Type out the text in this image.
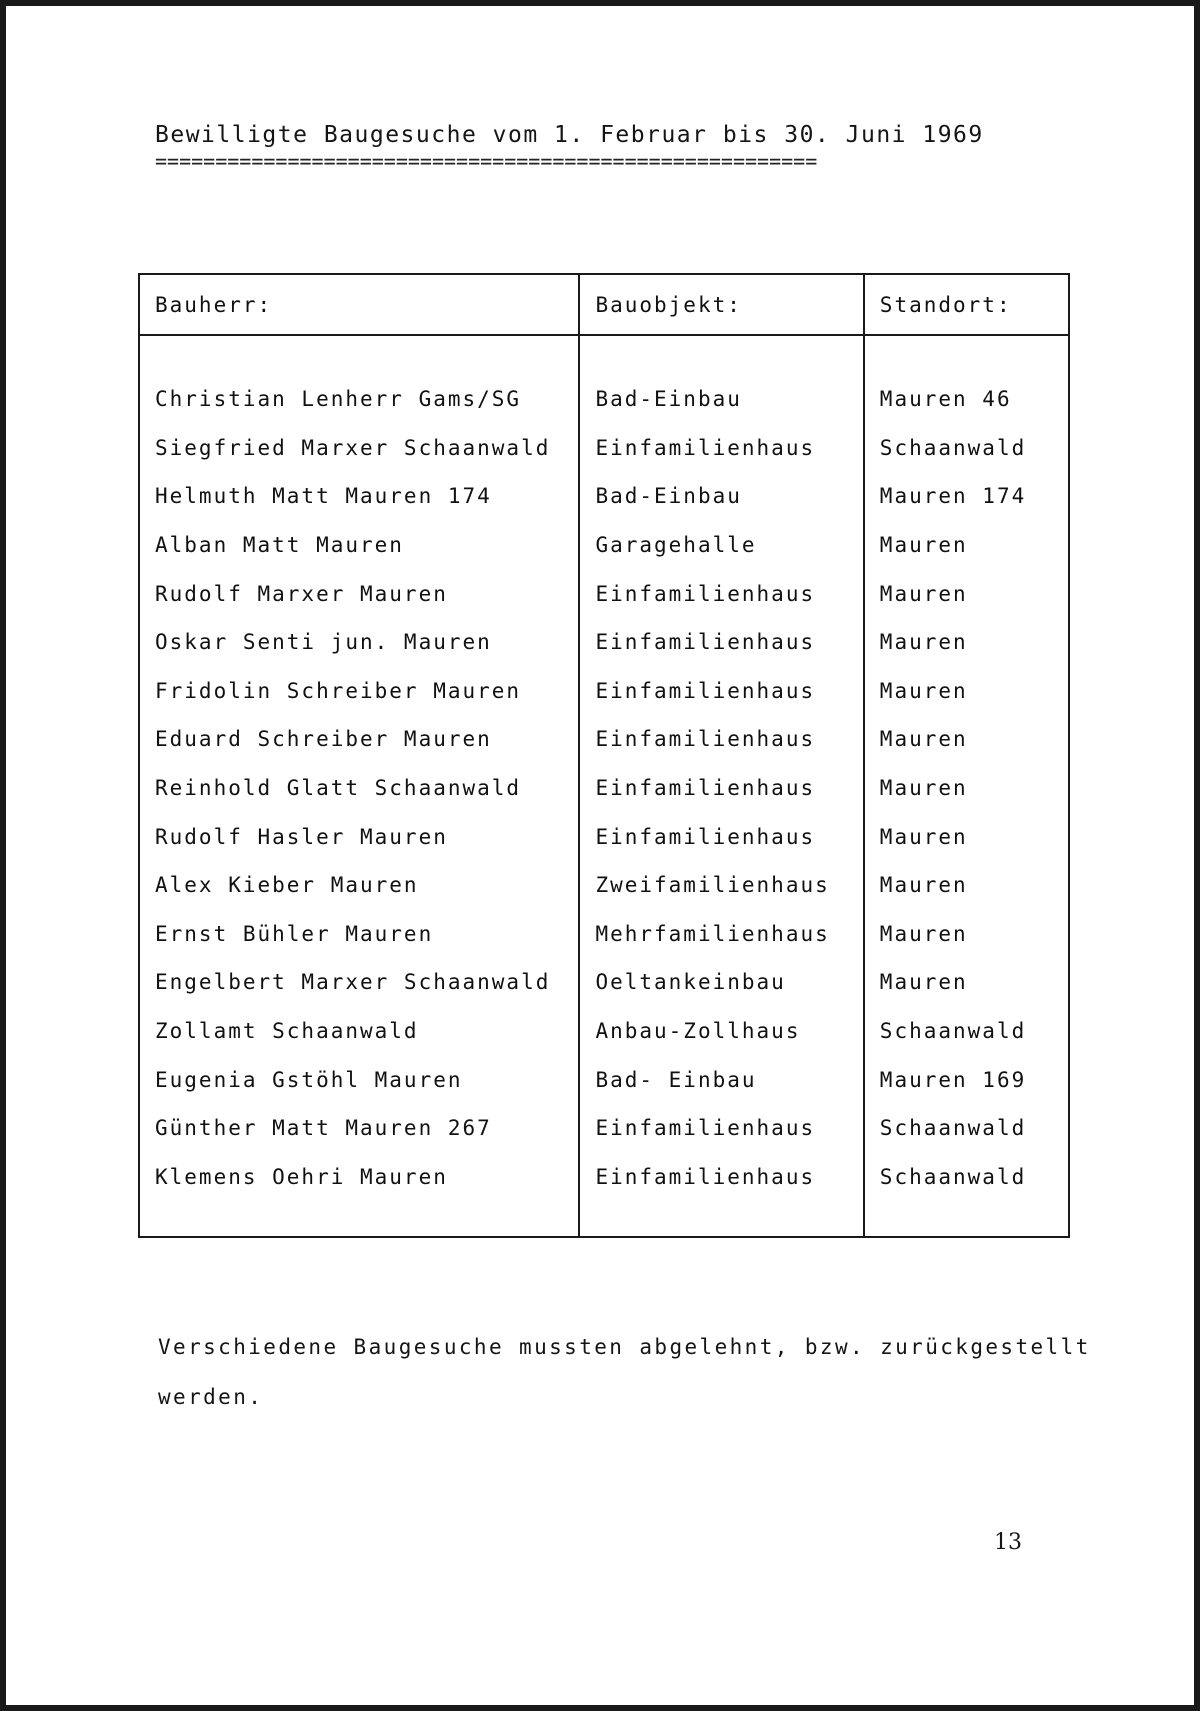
Bewilligte Baugesuche vom 1. Februar bis 30. Juni 1969
=======================================================
Bauherr:	Bauobjekt:	Standort:

Christian Lenherr Gams/SG	Bad-Einbau	Mauren 46
Siegfried Marxer Schaanwald	Einfamilienhaus	Schaanwald
Helmuth Matt Mauren 174	Bad-Einbau	Mauren 174
Alban Matt Mauren	Garagehalle	Mauren
Rudolf Marxer Mauren	Einfamilienhaus	Mauren
Oskar Senti jun. Mauren	Einfamilienhaus	Mauren
Fridolin Schreiber Mauren	Einfamilienhaus	Mauren
Eduard Schreiber Mauren	Einfamilienhaus	Mauren
Reinhold Glatt Schaanwald	Einfamilienhaus	Mauren
Rudolf Hasler Mauren	Einfamilienhaus	Mauren
Alex Kieber Mauren	Zweifamilienhaus	Mauren
Ernst Bühler Mauren	Mehrfamilienhaus	Mauren
Engelbert Marxer Schaanwald	Oeltankeinbau	Mauren
Zollamt Schaanwald	Anbau-Zollhaus	Schaanwald
Eugenia Gstöhl Mauren	Bad- Einbau	Mauren 169
Günther Matt Mauren 267	Einfamilienhaus	Schaanwald
Klemens Oehri Mauren	Einfamilienhaus	Schaanwald

Verschiedene Baugesuche mussten abgelehnt, bzw. zurückgestellt werden.
13
